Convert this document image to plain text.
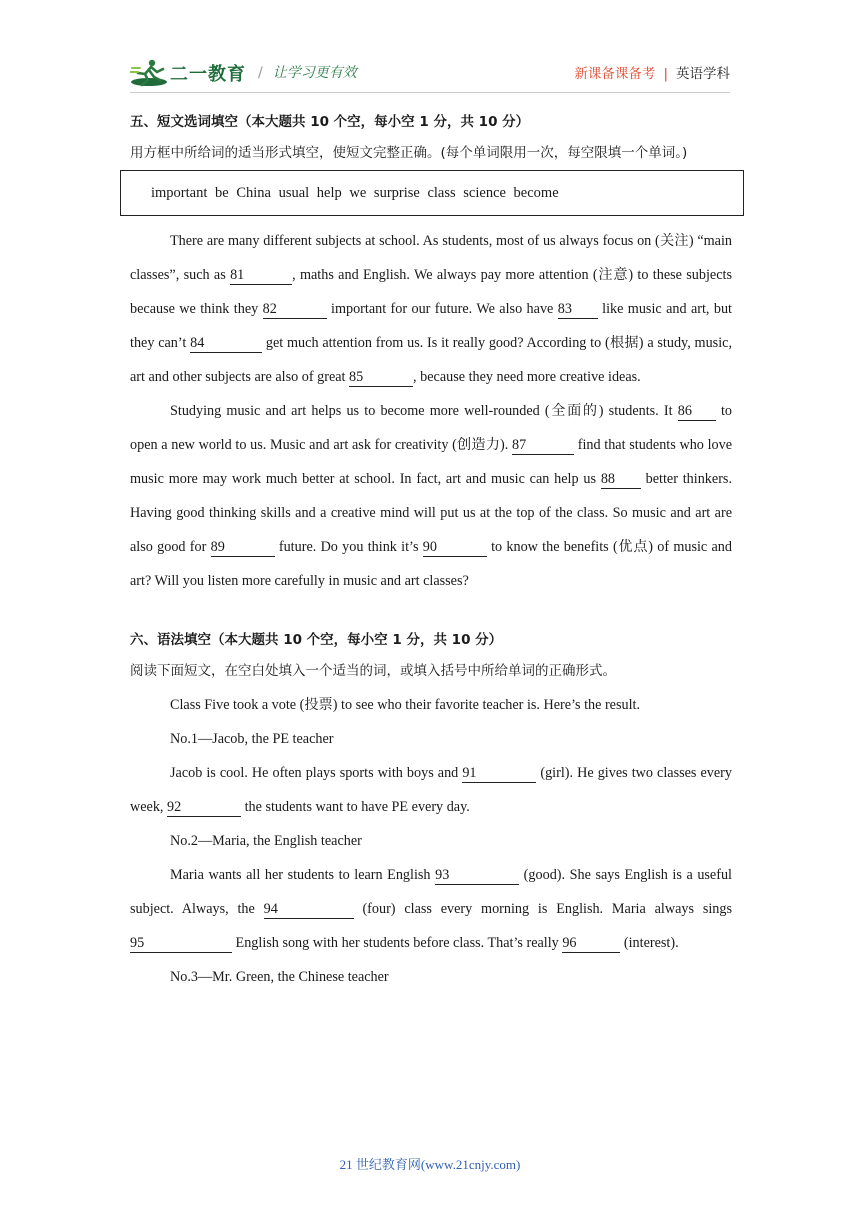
二一教育 / 让学习更有效	新课备课备考 | 英语学科
五、短文选词填空（本大题共 10 个空，每小空 1 分，共 10 分）
用方框中所给词的适当形式填空，使短文完整正确。(每个单词限用一次，每空限填一个单词。)
important be China usual help we surprise class science become

There are many different subjects at school. As students, most of us always focus on (关注) “main classes”, such as 81	, maths and English. We always pay more attention (注意) to these subjects because we think they 82	important for our future. We also have 83 like music and art, but they can’t 84	get much attention from us. Is it really good? According to (根据) a study, music, art and other subjects are also of great 85	, because they need more creative ideas.

Studying music and art helps us to become more well-rounded (全面的) students. It 86 to open a new world to us. Music and art ask for creativity (创造力). 87	find that students who love music more may work much better at school. In fact, art and music can help us 88 better thinkers. Having good thinking skills and a creative mind will put us at the top of the class. So music and art are also good for 89	future. Do you think it’s 90	to know the benefits (优点) of music and art? Will you listen more carefully in music and art classes?

六、语法填空（本大题共 10 个空，每小空 1 分，共 10 分）
阅读下面短文，在空白处填入一个适当的词，或填入括号中所给单词的正确形式。

Class Five took a vote (投票) to see who their favorite teacher is. Here’s the result.

No.1—Jacob, the PE teacher

Jacob is cool. He often plays sports with boys and 91	(girl). He gives two classes every week, 92	the students want to have PE every day.

No.2—Maria, the English teacher

Maria wants all her students to learn English 93	(good). She says English is a useful subject. Always, the 94	(four) class every morning is English. Maria always sings 95	English song with her students before class. That’s really 96	(interest).

No.3—Mr. Green, the Chinese teacher

21 世纪教育网(www.21cnjy.com)
